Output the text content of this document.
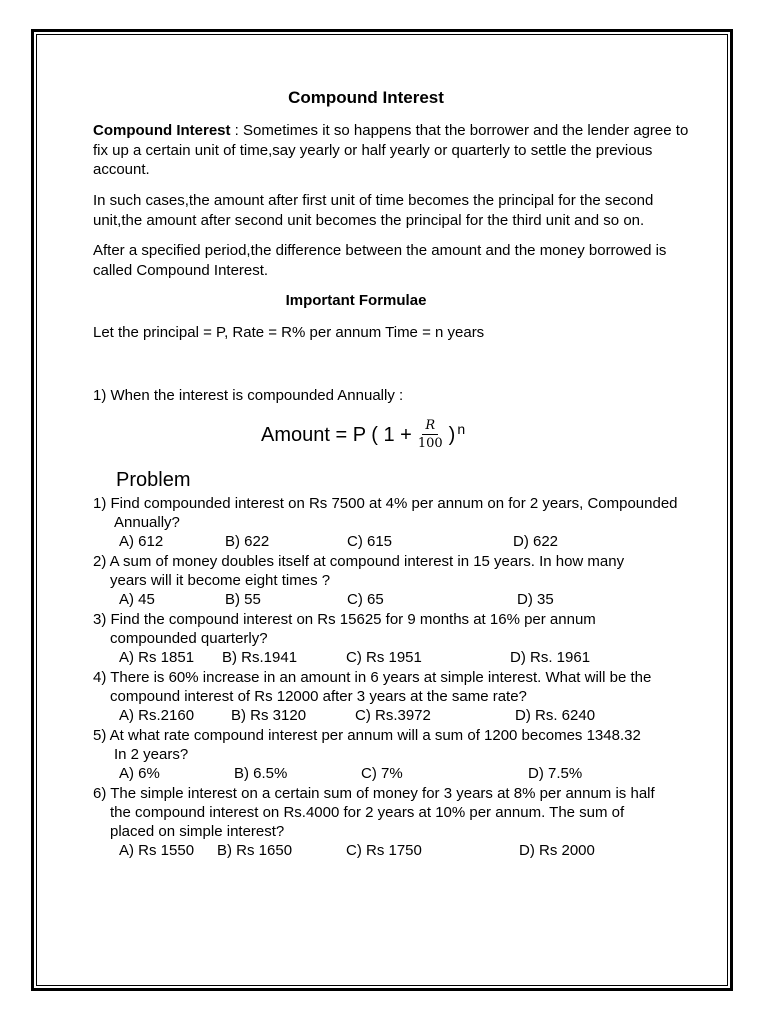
Compound Interest
Compound Interest : Sometimes it so happens that the borrower and the lender agree to fix up a certain unit of time,say yearly or half yearly or quarterly to settle the previous account.
In such cases,the amount after first unit of time becomes the principal for the second unit,the amount after second unit becomes the principal for the third unit and so on.
After a specified period,the difference between the amount and the money borrowed is called Compound Interest.
Important Formulae
Let the principal = P, Rate = R% per annum Time = n years
1) When the interest is compounded Annually :
Amount = P ( $1 + \frac{R}{100}$ ) n
Problem
1) Find compounded interest on Rs 7500 at 4% per annum on for 2 years, Compounded
Annually?
A) 612	B) 622	C) 615	D) 622
2) A sum of money doubles itself at compound interest in 15 years. In how many
years will it become eight times ?
A) 45	B) 55	C) 65	D) 35
3) Find the compound interest on Rs 15625 for 9 months at 16% per annum
compounded quarterly?
A) Rs 1851 B) Rs.1941	C) Rs 1951	D) Rs. 1961
4) There is 60% increase in an amount in 6 years at simple interest. What will be the
compound interest of Rs 12000 after 3 years at the same rate?
A) Rs.2160 B) Rs 3120	C) Rs.3972	D) Rs. 6240
5) At what rate compound interest per annum will a sum of 1200 becomes 1348.32
In 2 years?
A) 6%	B) 6.5%	C) 7%	D) 7.5%
6) The simple interest on a certain sum of money for 3 years at 8% per annum is half
the compound interest on Rs.4000 for 2 years at 10% per annum. The sum of
placed on simple interest?
A) Rs 1550 B) Rs 1650	C) Rs 1750	D) Rs 2000
